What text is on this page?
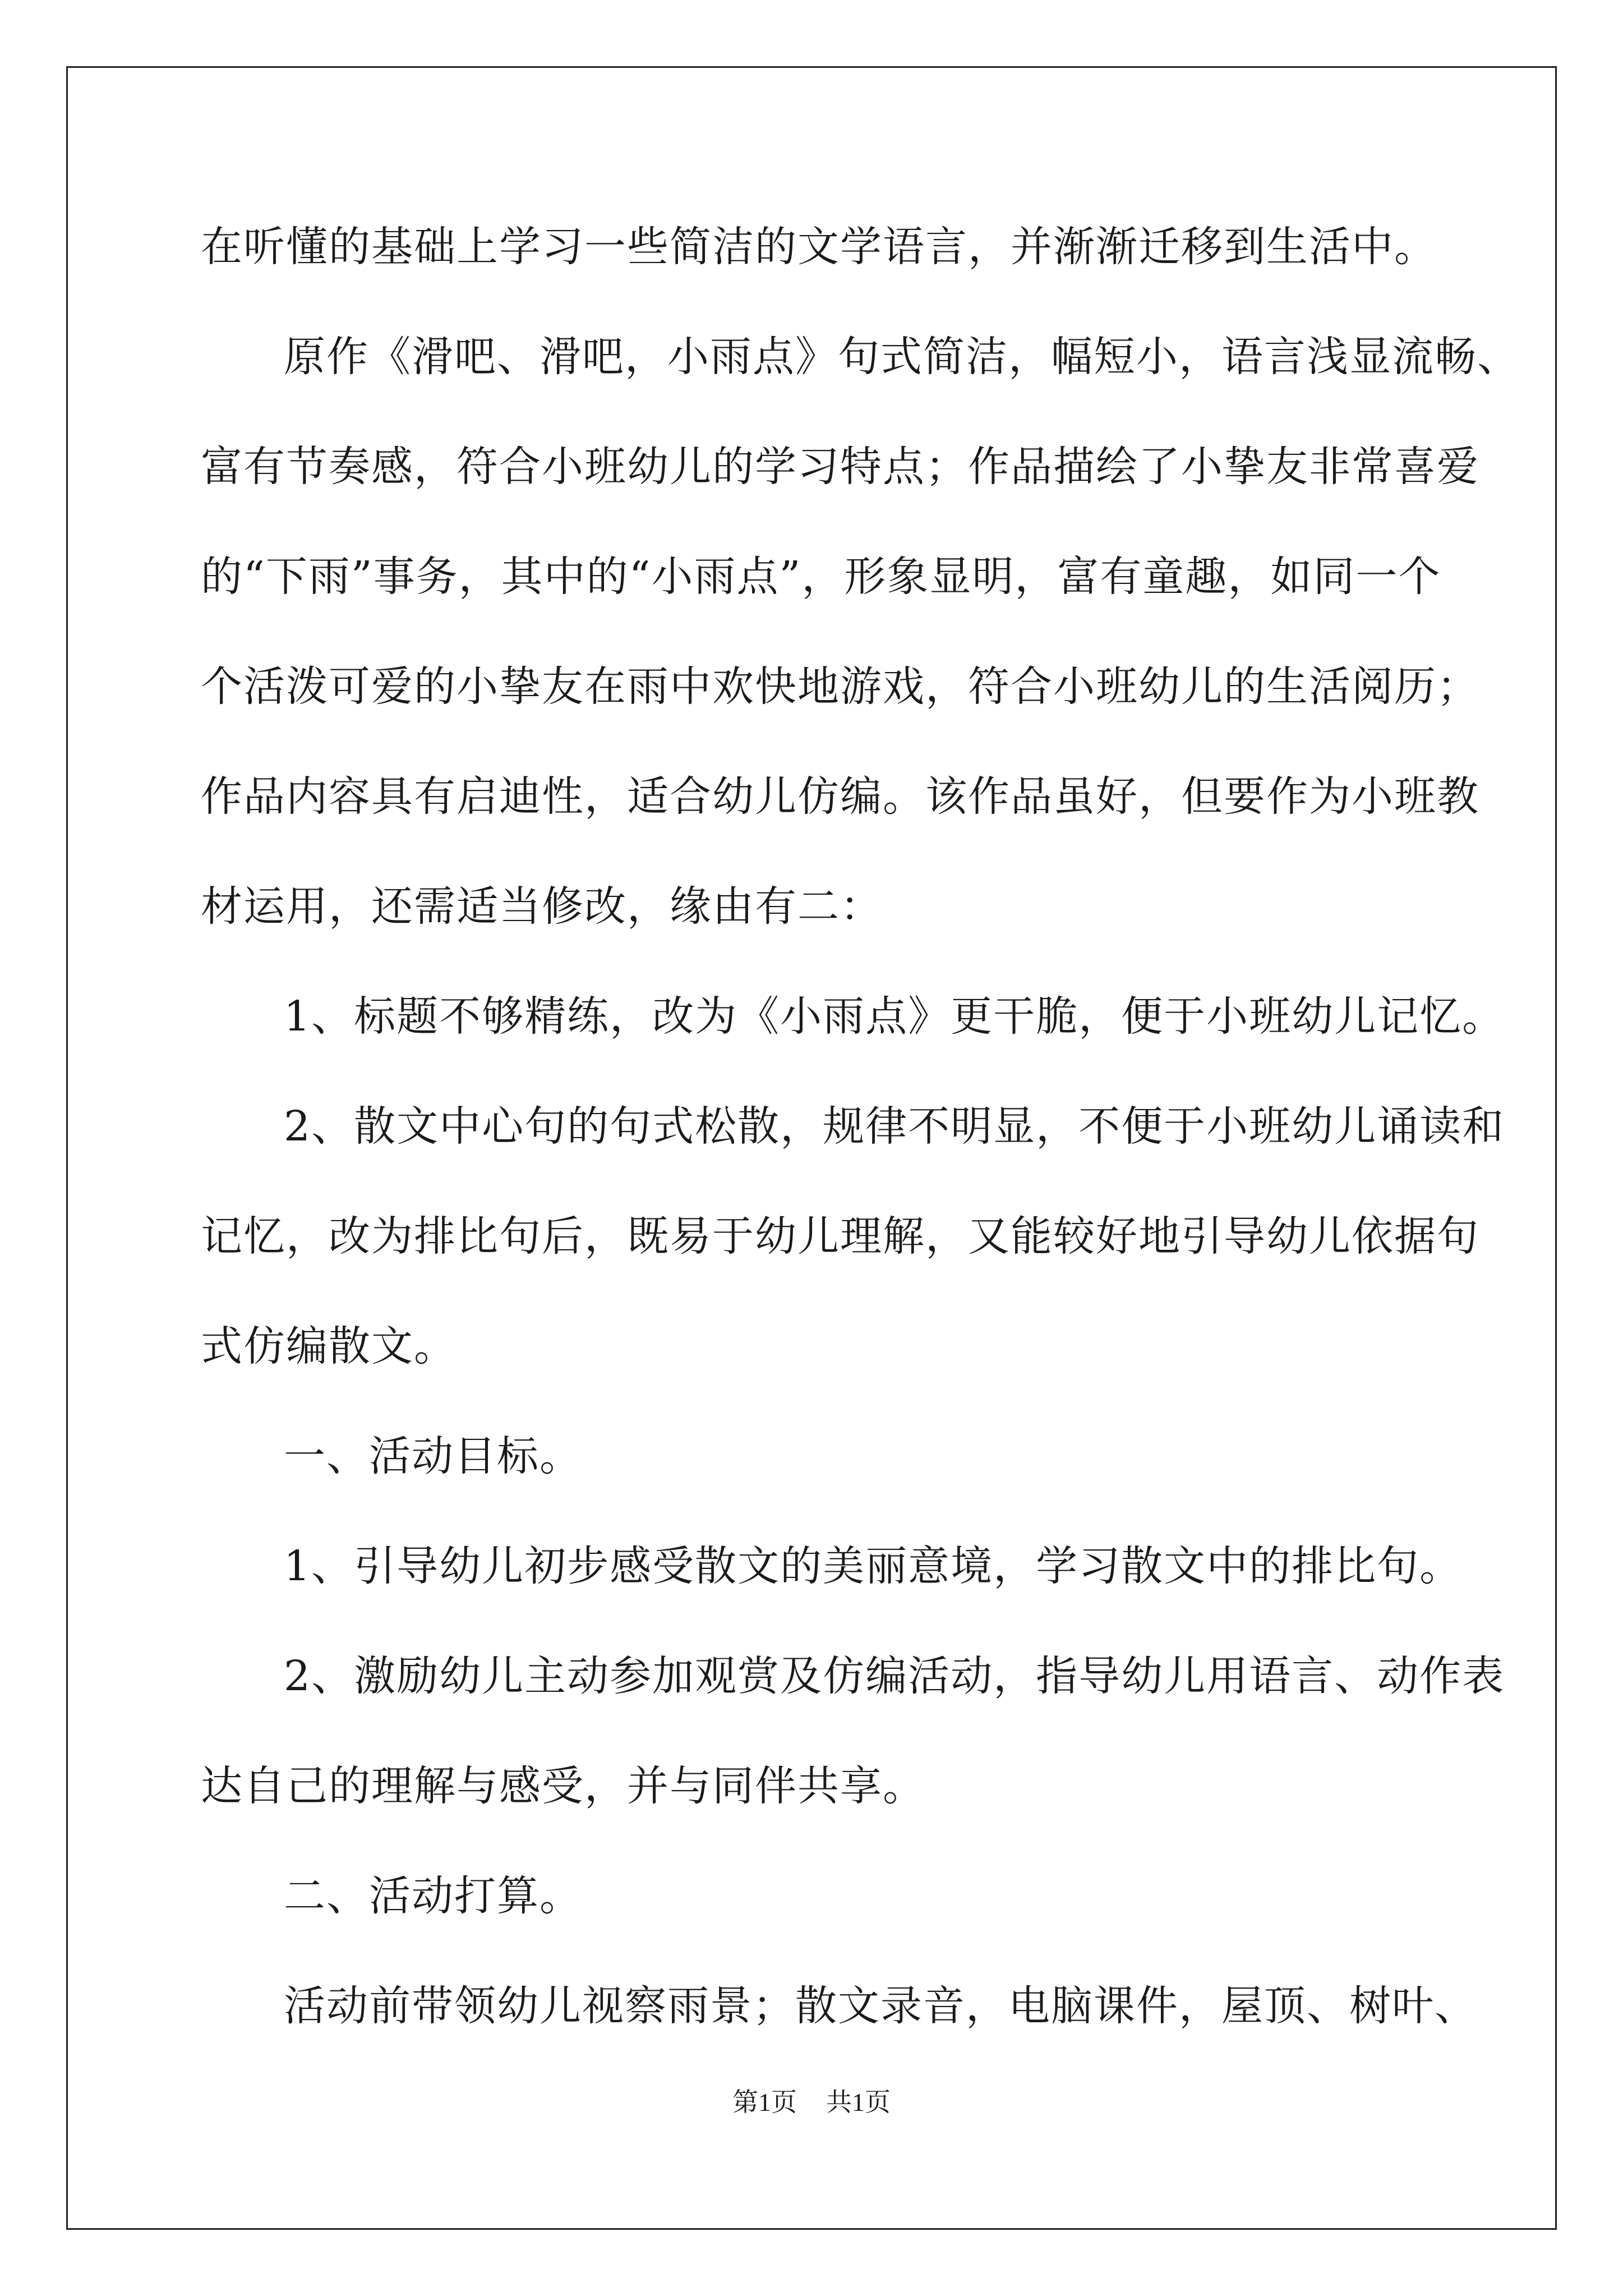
在听懂的基础上学习一些简洁的文学语言，并渐渐迁移到生活中。
原作《滑吧、滑吧，小雨点》句式简洁，幅短小，语言浅显流畅、
富有节奏感，符合小班幼儿的学习特点；作品描绘了小挚友非常喜爱
的“下雨”事务，其中的“小雨点”，形象显明，富有童趣，如同一个
个活泼可爱的小挚友在雨中欢快地游戏，符合小班幼儿的生活阅历；
作品内容具有启迪性，适合幼儿仿编。该作品虽好，但要作为小班教
材运用，还需适当修改，缘由有二：
1、标题不够精练，改为《小雨点》更干脆，便于小班幼儿记忆。
2、散文中心句的句式松散，规律不明显，不便于小班幼儿诵读和
记忆，改为排比句后，既易于幼儿理解，又能较好地引导幼儿依据句
式仿编散文。
一、活动目标。
1、引导幼儿初步感受散文的美丽意境，学习散文中的排比句。
2、激励幼儿主动参加观赏及仿编活动，指导幼儿用语言、动作表
达自己的理解与感受，并与同伴共享。
二、活动打算。
活动前带领幼儿视察雨景；散文录音，电脑课件，屋顶、树叶、
第1页 共1页
